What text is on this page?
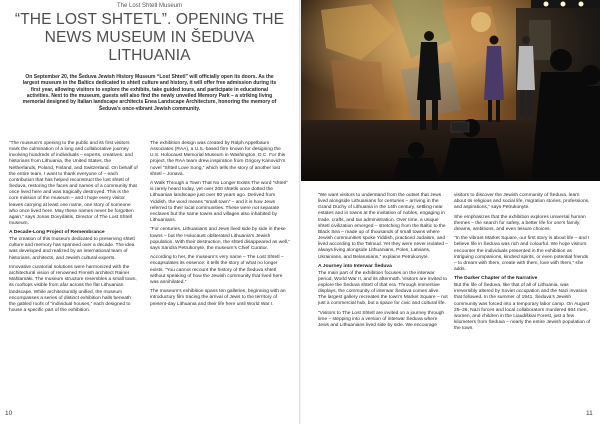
The Lost Shtetl Museum
“THE LOST SHTETL”. OPENING THE
NEWS MUSEUM IN ŠEDUVA
LITHUANIA

On September 20, the Šeduva Jewish History Museum “Lost Shtetl” will officially open its doors. As the largest museum in the Baltics dedicated to shtetl culture and history, it will offer free admission during its first year, allowing visitors to explore the exhibits, take guided tours, and participate in educational activities. Next to the museum, guests will also find the newly unveiled Memory Park – a striking living memorial designed by Italian landscape architects Enea Landscape Architecture, honoring the memory of Šeduva’s once-vibrant Jewish community.

“The museum’s opening to the public and its first visitors mark the culmination of a long and collaborative journey involving hundreds of individuals – experts, creatives, and historians from Lithuania, the United States, the Netherlands, Poland, Finland, and Switzerland. On behalf of the entire team, I want to thank everyone of – each contribution that has helped reconstruct the lost shtetl of Šeduva, restoring the faces and names of a community that once lived here and was tragically destroyed. This is the core mission of the museum – and I hope every visitor leaves carrying at least one name, one story of someone who once lived here. May these names never be forgotten again,” says Jonas Dovydaitis, Director of The Lost Shtetl museum.

A Decade-Long Project of Remembrance

The creation of this museum dedicated to preserving shtetl culture and memory has spanned over a decade. The idea was developed and realized by an international team of historians, architects, and Jewish cultural experts.

Innovative curatorial solutions were harmonized with the architectural vision of renowned Finnish architect Rainer Mahlamäki. The museum structure resembles a small town, its rooftops visible from afar across the flat Lithuanian landscape. While architecturally unified, the museum encompasses a series of distinct exhibition halls beneath the gabled roofs of “individual houses,” each designed to house a specific part of the exhibition.

The exhibition design was created by Ralph Appelbaum Associates (RAA), a U.S.-based firm known for designing the U.S. Holocaust Memorial Museum in Washington, D.C. For this project, the RAA team drew inspiration from Grigory Kanovich’s novel “Shtetl Love Song,” which tells the story of another lost shtetl – Jonava.

A Walk Through a Town That No Longer Exists The word “shtetl” is rarely heard today, yet over 200 shtetls once dotted the Lithuanian landscape just over 80 years ago. Derived from Yiddish, the word means “small town” – and it is how Jews referred to their local communities. These were not separate enclaves but the same towns and villages also inhabited by Lithuanians.

“For centuries, Lithuanians and Jews lived side by side in these towns – but the Holocaust obliterated Lithuania’s Jewish population. With their destruction, the shtetl disappeared as well,” says Sandra Petrukonytė, the museum’s Chief Curator.

According to her, the museum’s very name – The Lost Shtetl – encapsulates its essence: it tells the story of what no longer exists. “You cannot recount the history of the Šeduva shtetl without speaking of how the Jewish community that lived here was annihilated.”

The museum’s exhibition spans ten galleries, beginning with an introductory film tracing the arrival of Jews to the territory of present-day Lithuania and their life here until World War I.

“We want visitors to understand from the outset that Jews lived alongside Lithuanians for centuries – arriving in the Grand Duchy of Lithuania in the 14th century, settling near estates and in towns at the invitation of nobles, engaging in trade, crafts, and tax administration. Over time, a unique shtetl civilization emerged – stretching from the Baltic to the Black Sea – made up of thousands of small towns where Jewish communities spoke Yiddish, practiced Judaism, and lived according to the Talmud. Yet they were never isolated – always living alongside Lithuanians, Poles, Latvians, Ukrainians, and Belarusians,” explains Petrukonytė.

A Journey into Interwar Šeduva

The main part of the exhibition focuses on the interwar period, World War II, and its aftermath. Visitors are invited to explore the Šeduva shtetl of that era. Through immersive displays, the community of interwar Šeduva comes alive. The largest gallery recreates the town’s Market Square – not just a commercial hub, but a space for civic and cultural life.

“Visitors to The Lost Shtetl are invited on a journey through time – stepping into a version of interwar Šeduva where Jews and Lithuanians lived side by side. We encourage

visitors to discover the Jewish community of Šeduva, learn about its religious and social life, migration stories, professions, and aspirations,” says Petrukonytė.

She emphasizes that the exhibition explores universal human themes – the search for safety, a better life for one’s family, dreams, ambitions, and even leisure choices.

“In the vibrant Market Square, our first story is about life – and I believe life in Šeduva was rich and colourful. We hope visitors encounter the individuals presented in the exhibition as intriguing companions, kindred spirits, or even potential friends – to dream with them, create with them, love with them,” she adds.

The Darker Chapter of the Narrative

But the life of Šeduva, like that of all of Lithuania, was irreversibly altered by Soviet occupation and the Nazi invasion that followed. In the summer of 1941, Šeduva’s Jewish community was forced into a temporary labor camp. On August 25–26, Nazi forces and local collaborators murdered 664 men, women, and children in the Liaudiškiai Forest, just a few kilometers from Šeduva – nearly the entire Jewish population of the town.

10	11
